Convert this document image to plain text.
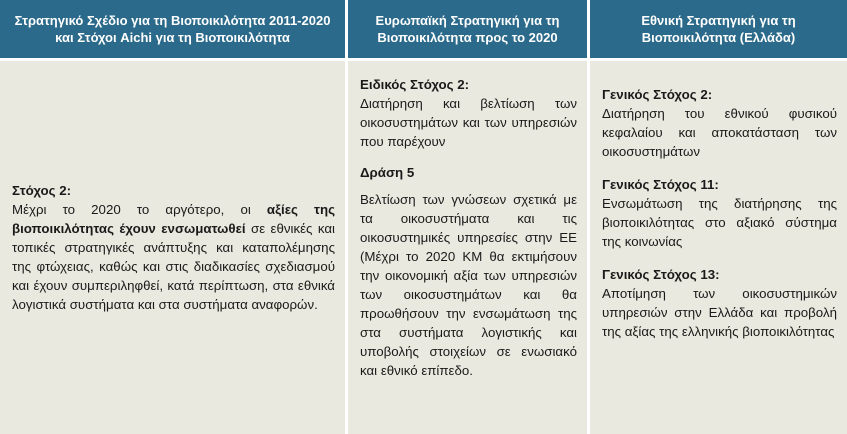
Στρατηγικό Σχέδιο για τη Βιοποικιλότητα 2011-2020
και Στόχοι Aichi για τη Βιοποικιλότητα
Ευρωπαϊκή Στρατηγική για τη
Βιοποικιλότητα προς το 2020
Εθνική Στρατηγική για τη
Βιοποικιλότητα (Ελλάδα)
Στόχος 2:
Μέχρι το 2020 το αργότερο, οι αξίες της βιοποικιλότητας έχουν ενσωματωθεί σε εθνικές και τοπικές στρατηγικές ανάπτυξης και καταπολέμησης της φτώχειας, καθώς και στις διαδικασίες σχεδιασμού και έχουν συμπεριληφθεί, κατά περίπτωση, στα εθνικά λογιστικά συστήματα και στα συστήματα αναφορών.
Ειδικός Στόχος 2:
Διατήρηση και βελτίωση των οικοσυστημάτων και των υπηρεσιών που παρέχουν
Δράση 5
Βελτίωση των γνώσεων σχετικά με τα οικοσυστήματα και τις οικοσυστημικές υπηρεσίες στην ΕΕ (Μέχρι το 2020 ΚΜ θα εκτιμήσουν την οικονομική αξία των υπηρεσιών των οικοσυστημάτων και θα προωθήσουν την ενσωμάτωση της στα συστήματα λογιστικής και υποβολής στοιχείων σε ενωσιακό και εθνικό επίπεδο.
Γενικός Στόχος 2:
Διατήρηση του εθνικού φυσικού κεφαλαίου και αποκατάσταση των οικοσυστημάτων
Γενικός Στόχος 11:
Ενσωμάτωση της διατήρησης της βιοποικιλότητας στο αξιακό σύστημα της κοινωνίας
Γενικός Στόχος 13:
Αποτίμηση των οικοσυστημικών υπηρεσιών στην Ελλάδα και προβολή της αξίας της ελληνικής βιοποικιλότητας
